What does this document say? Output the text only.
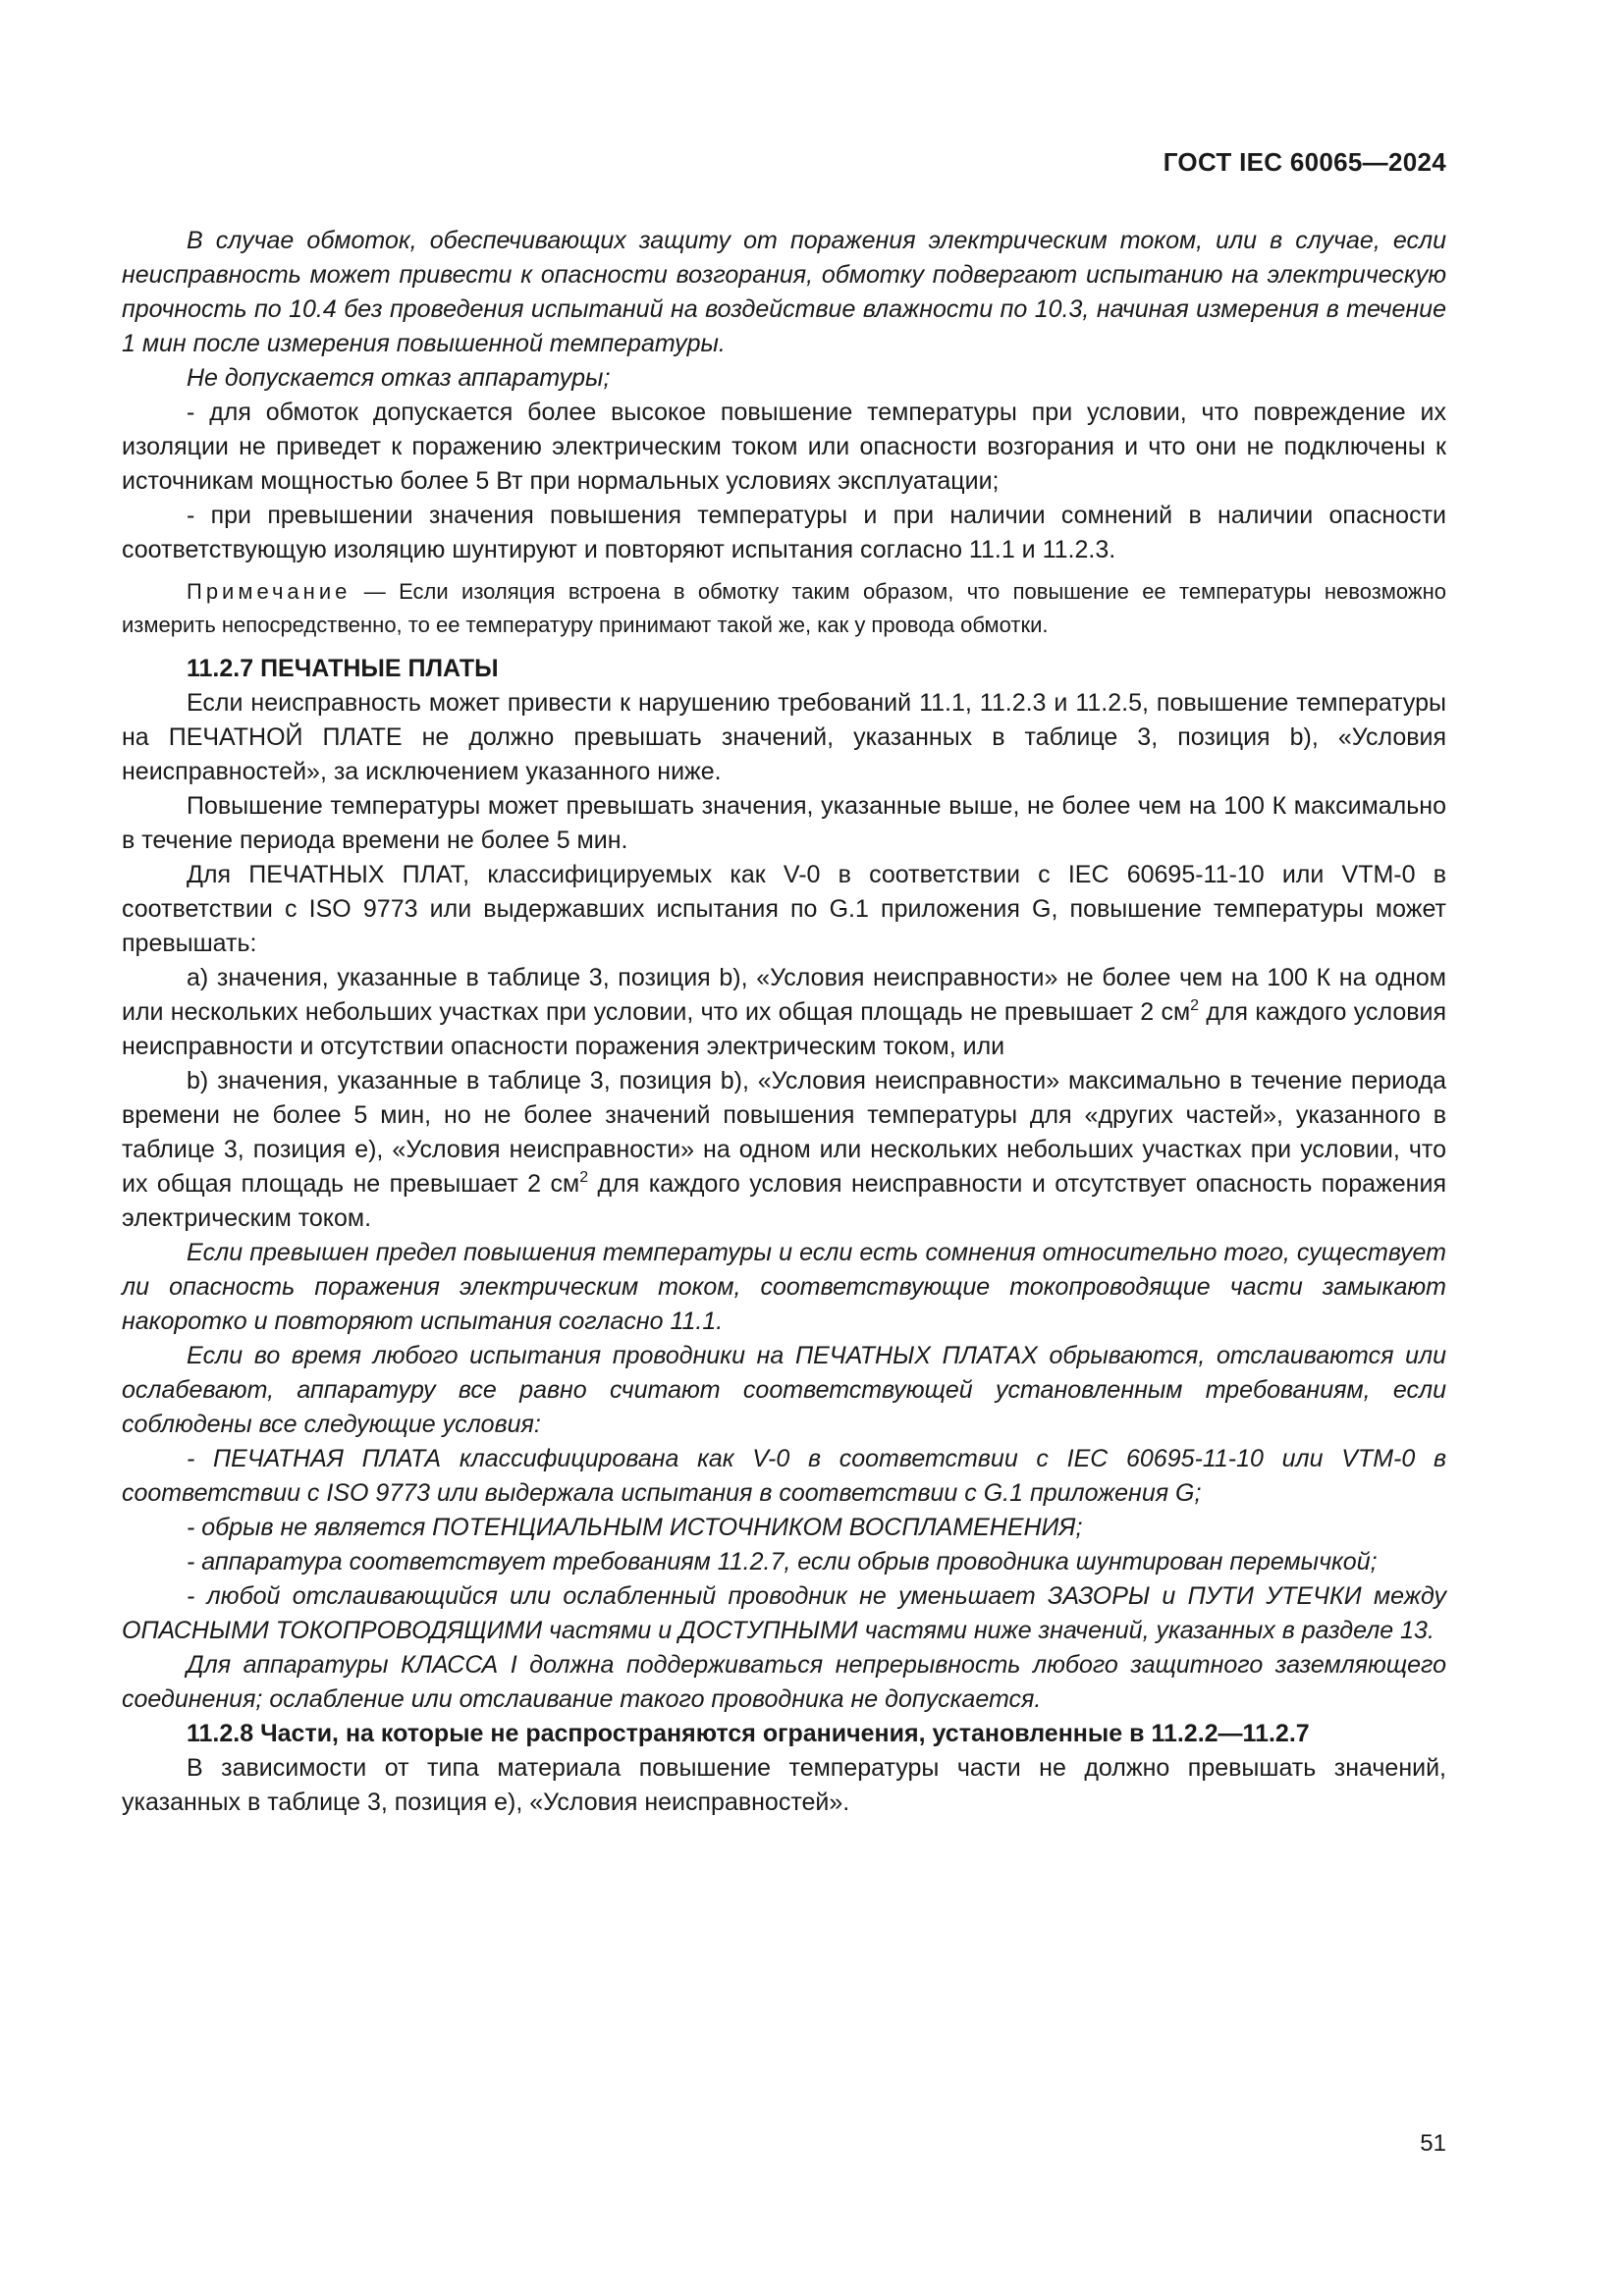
ГОСТ IEC 60065—2024

В случае обмоток, обеспечивающих защиту от поражения электрическим током, или в случае, если неисправность может привести к опасности возгорания, обмотку подвергают испытанию на электрическую прочность по 10.4 без проведения испытаний на воздействие влажности по 10.3, начиная измерения в течение 1 мин после измерения повышенной температуры.

Не допускается отказ аппаратуры;

- для обмоток допускается более высокое повышение температуры при условии, что повреждение их изоляции не приведет к поражению электрическим током или опасности возгорания и что они не подключены к источникам мощностью более 5 Вт при нормальных условиях эксплуатации;

- при превышении значения повышения температуры и при наличии сомнений в наличии опасности соответствующую изоляцию шунтируют и повторяют испытания согласно 11.1 и 11.2.3.

Примечание — Если изоляция встроена в обмотку таким образом, что повышение ее температуры невозможно измерить непосредственно, то ее температуру принимают такой же, как у провода обмотки.

11.2.7 ПЕЧАТНЫЕ ПЛАТЫ

Если неисправность может привести к нарушению требований 11.1, 11.2.3 и 11.2.5, повышение температуры на ПЕЧАТНОЙ ПЛАТЕ не должно превышать значений, указанных в таблице 3, позиция b), «Условия неисправностей», за исключением указанного ниже.

Повышение температуры может превышать значения, указанные выше, не более чем на 100 К максимально в течение периода времени не более 5 мин.

Для ПЕЧАТНЫХ ПЛАТ, классифицируемых как V-0 в соответствии с IEC 60695-11-10 или VTM-0 в соответствии с ISO 9773 или выдержавших испытания по G.1 приложения G, повышение температуры может превышать:

a) значения, указанные в таблице 3, позиция b), «Условия неисправности» не более чем на 100 К на одном или нескольких небольших участках при условии, что их общая площадь не превышает 2 $см^2$ для каждого условия неисправности и отсутствии опасности поражения электрическим током, или

b) значения, указанные в таблице 3, позиция b), «Условия неисправности» максимально в течение периода времени не более 5 мин, но не более значений повышения температуры для «других частей», указанного в таблице 3, позиция e), «Условия неисправности» на одном или нескольких небольших участках при условии, что их общая площадь не превышает 2 $см^2$ для каждого условия неисправности и отсутствует опасность поражения электрическим током.

Если превышен предел повышения температуры и если есть сомнения относительно того, существует ли опасность поражения электрическим током, соответствующие токопроводящие части замыкают накоротко и повторяют испытания согласно 11.1.

Если во время любого испытания проводники на ПЕЧАТНЫХ ПЛАТАХ обрываются, отслаиваются или ослабевают, аппаратуру все равно считают соответствующей установленным требованиям, если соблюдены все следующие условия:

- ПЕЧАТНАЯ ПЛАТА классифицирована как V-0 в соответствии с IEC 60695-11-10 или VTM-0 в соответствии с ISO 9773 или выдержала испытания в соответствии с G.1 приложения G;

- обрыв не является ПОТЕНЦИАЛЬНЫМ ИСТОЧНИКОМ ВОСПЛАМЕНЕНИЯ;

- аппаратура соответствует требованиям 11.2.7, если обрыв проводника шунтирован перемычкой;

- любой отслаивающийся или ослабленный проводник не уменьшает ЗАЗОРЫ и ПУТИ УТЕЧКИ между ОПАСНЫМИ ТОКОПРОВОДЯЩИМИ частями и ДОСТУПНЫМИ частями ниже значений, указанных в разделе 13.

Для аппаратуры КЛАССА I должна поддерживаться непрерывность любого защитного заземляющего соединения; ослабление или отслаивание такого проводника не допускается.

11.2.8 Части, на которые не распространяются ограничения, установленные в 11.2.2—11.2.7

В зависимости от типа материала повышение температуры части не должно превышать значений, указанных в таблице 3, позиция e), «Условия неисправностей».

51
